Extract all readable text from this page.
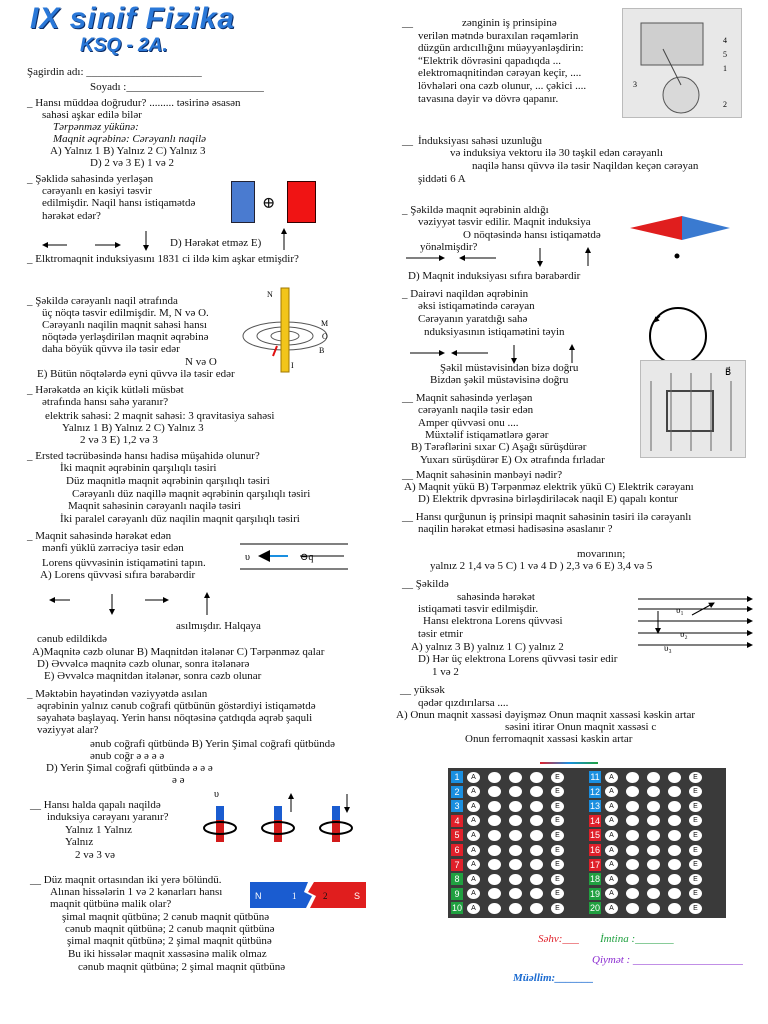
IX sinif Fizika
KSQ - 2A.
Şagirdin adı: _____________________
Soyadı :_________________________
_ Hansı müddəa doğrudur? ......... təsirinə əsasən
sahəsi aşkar edilə bilər
Tərpənməz yükünə:
Maqnit əqrəbinə: Cərəyanlı naqilə
A) Yalnız 1 B) Yalnız 2 C) Yalnız 3
D) 2 və 3 E) 1 və 2
_ Şəklidə sahəsində yerləşən
cərəyanlı en kəsiyi təsvir
edilmişdir. Naqil hansı istiqamətdə
hərəkət edər?
D) Hərəkət etməz E)
_ Elktromaqnit induksiyasını 1831 ci ildə kim aşkar etmişdir?
_ Şəkildə cərəyanlı naqil ətrafında
üç nöqtə təsvir edilmişdir. M, N və O.
Cərəyanlı naqilin maqnit sahəsi hansı
nöqtədə yerləşdirilən maqnit əqrəbinə
daha böyük qüvvə ilə təsir edər
N və O
E) Bütün nöqtələrdə eyni qüvvə ilə təsir edər
_ Hərəkətdə ən kiçik kütləli müsbət
ətrafında hansı sahə yaranır?
elektrik sahəsi: 2 maqnit sahəsi: 3 qravitasiya sahəsi
Yalnız 1 B) Yalnız 2 C) Yalnız 3
2 və 3 E) 1,2 və 3
_ Ersted təcrübəsində hansı hadisə müşahidə olunur?
İki maqnit əqrəbinin qarşılıqlı təsiri
Düz maqnitlə maqnit əqrəbinin qarşılıqlı təsiri
Cərəyanlı düz naqillə maqnit əqrəbinin qarşılıqlı təsiri
Maqnit sahəsinin cərəyanlı naqilə təsiri
İki paralel cərəyanlı düz naqilin maqnit qarşılıqlı təsiri
_ Maqnit sahəsində hərəkət edən
mənfi yüklü zərrəciyə təsir edən
Lorens qüvvəsinin istiqamətini tapın.
A) Lorens qüvvəsi sıfıra bərabərdir
asılmışdır. Halqaya
cənub edildikdə
A)Maqnitə cəzb olunar B) Maqnitdən itələnər C) Tərpənməz qalar
D) Əvvəlcə maqnitə cəzb olunar, sonra itələnərə
E) Əvvəlcə maqnitdən itələnər, sonra cəzb olunar
_ Məktəbin həyətindən vəziyyətdə asılan
əqrəbinin yalnız cənub coğrafi qütbünün göstərdiyi istiqamətdə
səyahətə başlayaq. Yerin hansı nöqtəsinə çatdıqda əqrəb şaquli
vəziyyət alar?
ənub coğrafi qütbündə B) Yerin Şimal coğrafi qütbündə
ənub coğr ə ə ə ə
D) Yerin Şimal coğrafi qütbündə ə ə ə
ə ə
__ Hansı halda qapalı naqildə
induksiya cərəyanı yaranır?
Yalnız 1 Yalnız
Yalnız
2 və 3 və
__ Düz maqnit ortasından iki yerə bölündü.
Alınan hissələrin 1 və 2 kənarları hansı
maqnit qütbünə malik olar?
şimal maqnit qütbünə; 2 cənub maqnit qütbünə
cənub maqnit qütbünə; 2 cənub maqnit qütbünə
şimal maqnit qütbünə; 2 şimal maqnit qütbünə
Bu iki hissələr maqnit xassəsinə malik olmaz
cənub maqnit qütbünə; 2 şimal maqnit qütbünə
__	zənginin iş prinsipinə
verilən mətndə buraxılan rəqəmlərin
düzgün ardıcıllığını müəyyənləşdirin:
“Elektrik dövrəsini qapadıqda ...
elektromaqnitindən cərəyan keçir, ....
lövhələri ona cəzb olunur, ... çəkici ....
tavasına dəyir və dövrə qapanır.
__ İnduksiyası sahəsi uzunluğu
və induksiya vektoru ilə 30 təşkil edən cərəyanlı
naqilə hansı qüvvə ilə təsir Naqildən keçən cərəyan
şiddəti 6 A
_ Şəkildə maqnit əqrəbinin aldığı
vəziyyət təsvir edilir. Maqnit induksiya
O nöqtəsində hansı istiqamətdə
yönəlmişdir?
D) Maqnit induksiyası sıfıra bərabərdir
_ Dairəvi naqildən əqrəbinin
əksi istiqamətində cərəyan
Cərəyanın yaratdığı sahə
nduksiyasının istiqamətini təyin
Şəkil müstəvisindən bizə doğru
Bizdən şəkil müstəvisinə doğru
__ Maqnit sahəsində yerləşən
cərəyanlı naqilə təsir edən
Amper qüvvəsi onu ....
Müxtəlif istiqamətlərə gərər
B) Tərəflərini sıxar C) Aşağı sürüşdürər
Yuxarı sürüşdürər E) Ox ətrafında fırladar
__ Maqnit sahəsinin mənbəyi nədir?
A) Maqnit yükü B) Tərpənməz elektrik yükü C) Elektrik cərəyanı
D) Elektrik dpvrəsinə birləşdiriləcək naqil E) qapalı kontur
__ Hansı qurğunun iş prinsipi maqnit sahəsinin təsiri ilə cərəyanlı
naqilin hərəkət etməsi hadisəsinə əsaslanır ?
movarının;
yalnız 2 1,4 və 5 C) 1 və 4 D ) 2,3 və 6 E) 3,4 və 5
__ Şəkildə
sahəsində hərəkət
istiqaməti təsvir edilmişdir.
Hansı elektrona Lorens qüvvəsi
təsir etmir
A) yalnız 3 B) yalnız 1 C) yalnız 2
D) Hər üç elektrona Lorens qüvvəsi təsir edir
1 və 2
__ yüksək
qədər qızdırılarsa ....
A) Onun maqnit xassəsi dəyişməz Onun maqnit xassəsi kəskin artar
səsini itirər Onun maqnit xassəsi c
Onun ferromaqnit xassəsi kəskin artar
⊕
N
M
O
B
I
υ	⊖q
υ
N	1	2	S
4
5
1
2
3
B⃗
υ₁
υ₂
υ₃
1	A	E
2	A	E
3	A	E
4	A	E
5	A	E
6	A	E
7	A	E
8	A	E
9	A	E
10	A	E
11	A	E
12	A	E
13	A	E
14	A	E
15	A	E
16	A	E
17	A	E
18	A	E
19	A	E
20	A	E
Səhv:___ İmtina :_______
Qiymət : ____________________
Müəllim:_______
